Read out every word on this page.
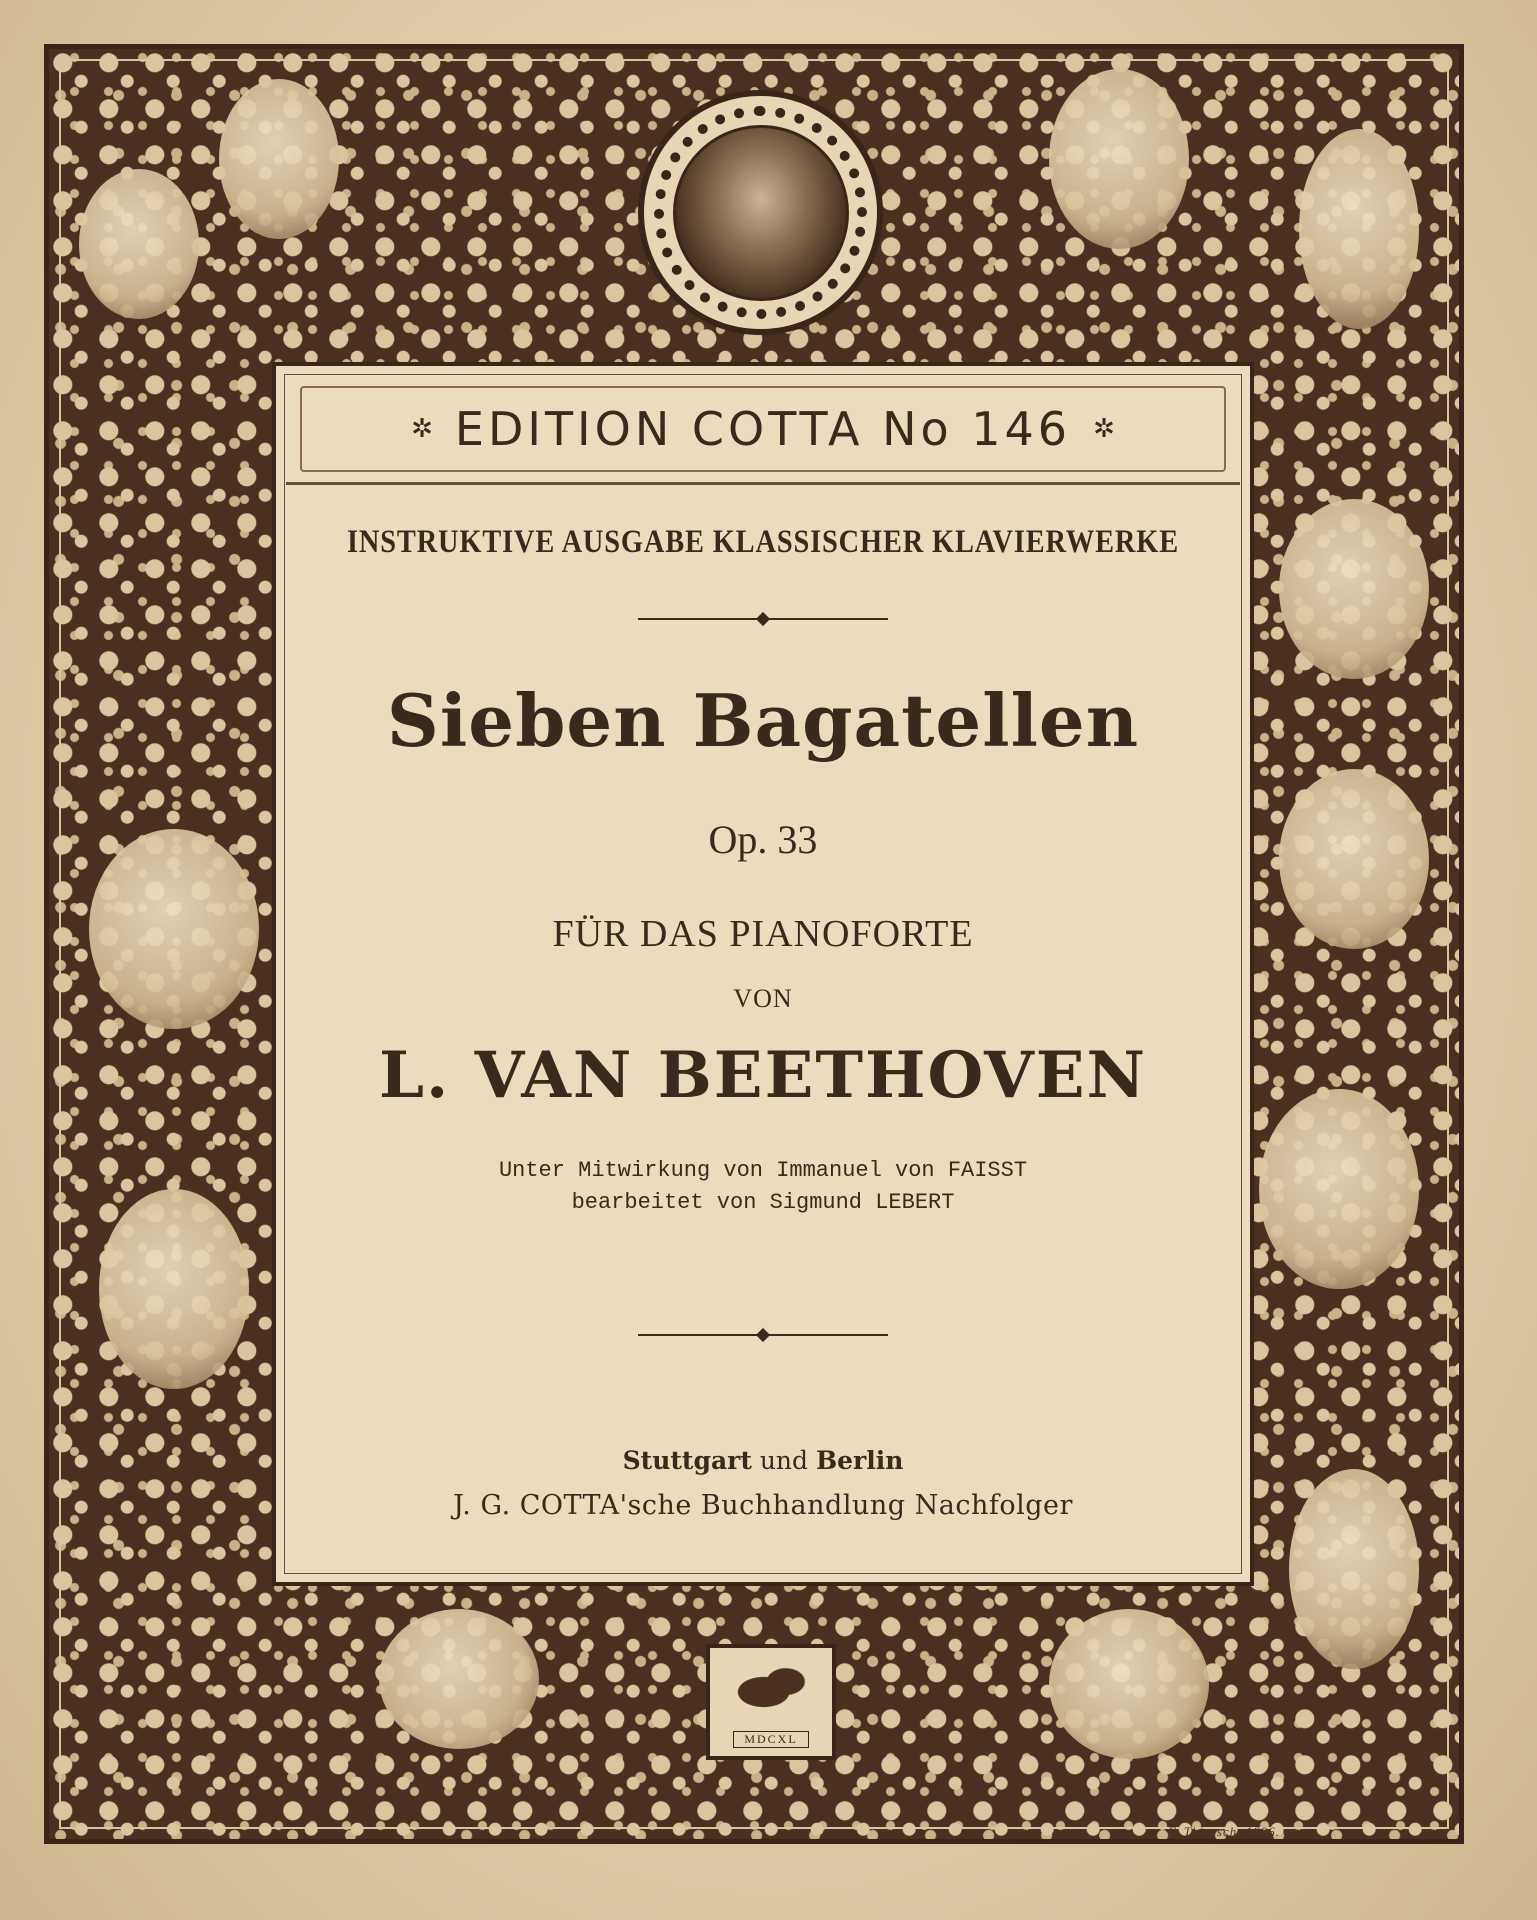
✲ EDITION COTTA No 146 ✲
INSTRUKTIVE AUSGABE KLASSISCHER KLAVIERWERKE
Sieben Bagatellen
Op. 33
FÜR DAS PIANOFORTE
VON
L. VAN BEETHOVEN
Unter Mitwirkung von Immanuel von FAISST
bearbeitet von Sigmund LEBERT
Stuttgart und Berlin
J. G. COTTA'sche Buchhandlung Nachfolger
MDCXL
F. Thiersch. 1896.
